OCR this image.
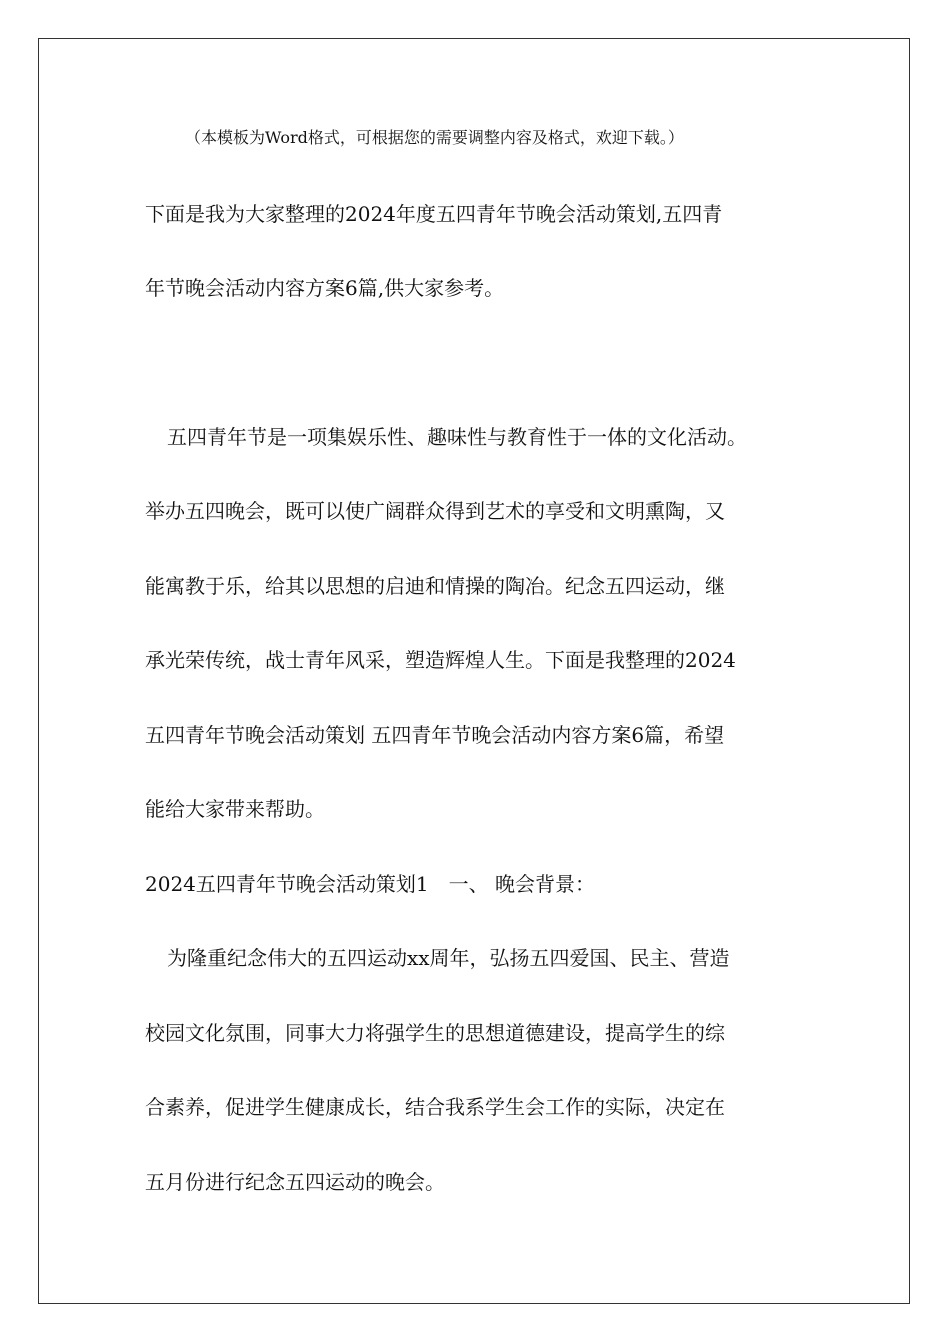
（本模板为Word格式，可根据您的需要调整内容及格式，欢迎下载。）
下面是我为大家整理的2024年度五四青年节晚会活动策划,五四青
年节晚会活动内容方案6篇,供大家参考。
五四青年节是一项集娱乐性、趣味性与教育性于一体的文化活动。
举办五四晚会，既可以使广阔群众得到艺术的享受和文明熏陶，又
能寓教于乐，给其以思想的启迪和情操的陶冶。纪念五四运动，继
承光荣传统，战士青年风采，塑造辉煌人生。下面是我整理的2024
五四青年节晚会活动策划 五四青年节晚会活动内容方案6篇，希望
能给大家带来帮助。
2024五四青年节晚会活动策划1　一、 晚会背景：
为隆重纪念伟大的五四运动xx周年，弘扬五四爱国、民主、营造
校园文化氛围，同事大力将强学生的思想道德建设，提高学生的综
合素养，促进学生健康成长，结合我系学生会工作的实际，决定在
五月份进行纪念五四运动的晚会。
